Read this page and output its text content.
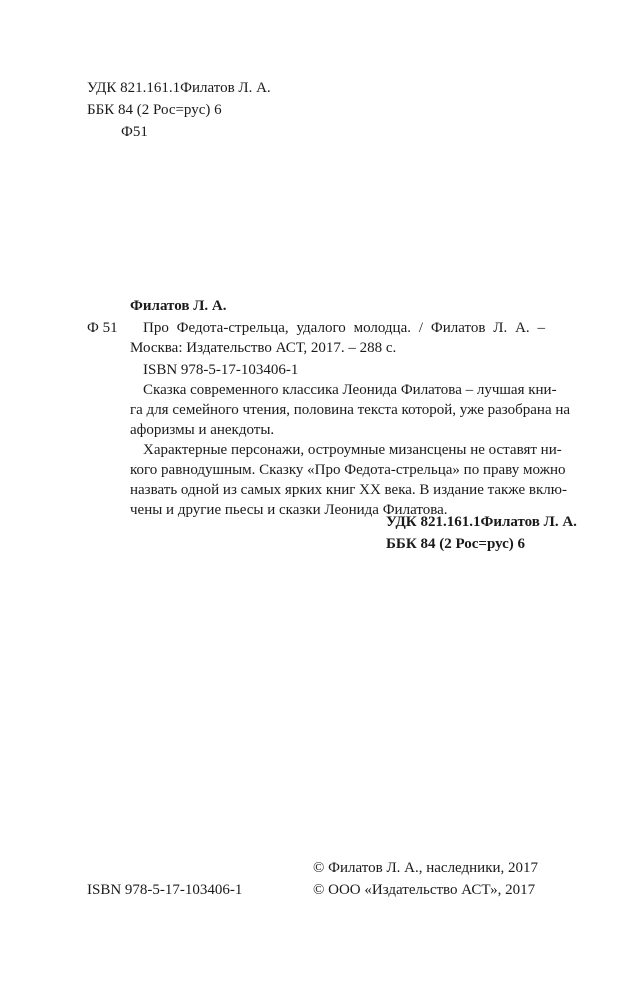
УДК 821.161.1Филатов Л. А.
ББК 84 (2 Рос=рус) 6
Ф51
Филатов Л. А.
Ф 51 Про Федота-стрельца, удалого молодца. / Филатов Л. А. –
Москва: Издательство АСТ, 2017. – 288 с.
ISBN 978-5-17-103406-1
Сказка современного классика Леонида Филатова – лучшая кни-
га для семейного чтения, половина текста которой, уже разобрана на
афоризмы и анекдоты.
Характерные персонажи, остроумные мизансцены не оставят ни-
кого равнодушным. Сказку «Про Федота-стрельца» по праву можно
назвать одной из самых ярких книг XX века. В издание также вклю-
чены и другие пьесы и сказки Леонида Филатова.
УДК 821.161.1Филатов Л. А.
ББК 84 (2 Рос=рус) 6
© Филатов Л. А., наследники, 2017
ISBN 978-5-17-103406-1	© ООО «Издательство АСТ», 2017
